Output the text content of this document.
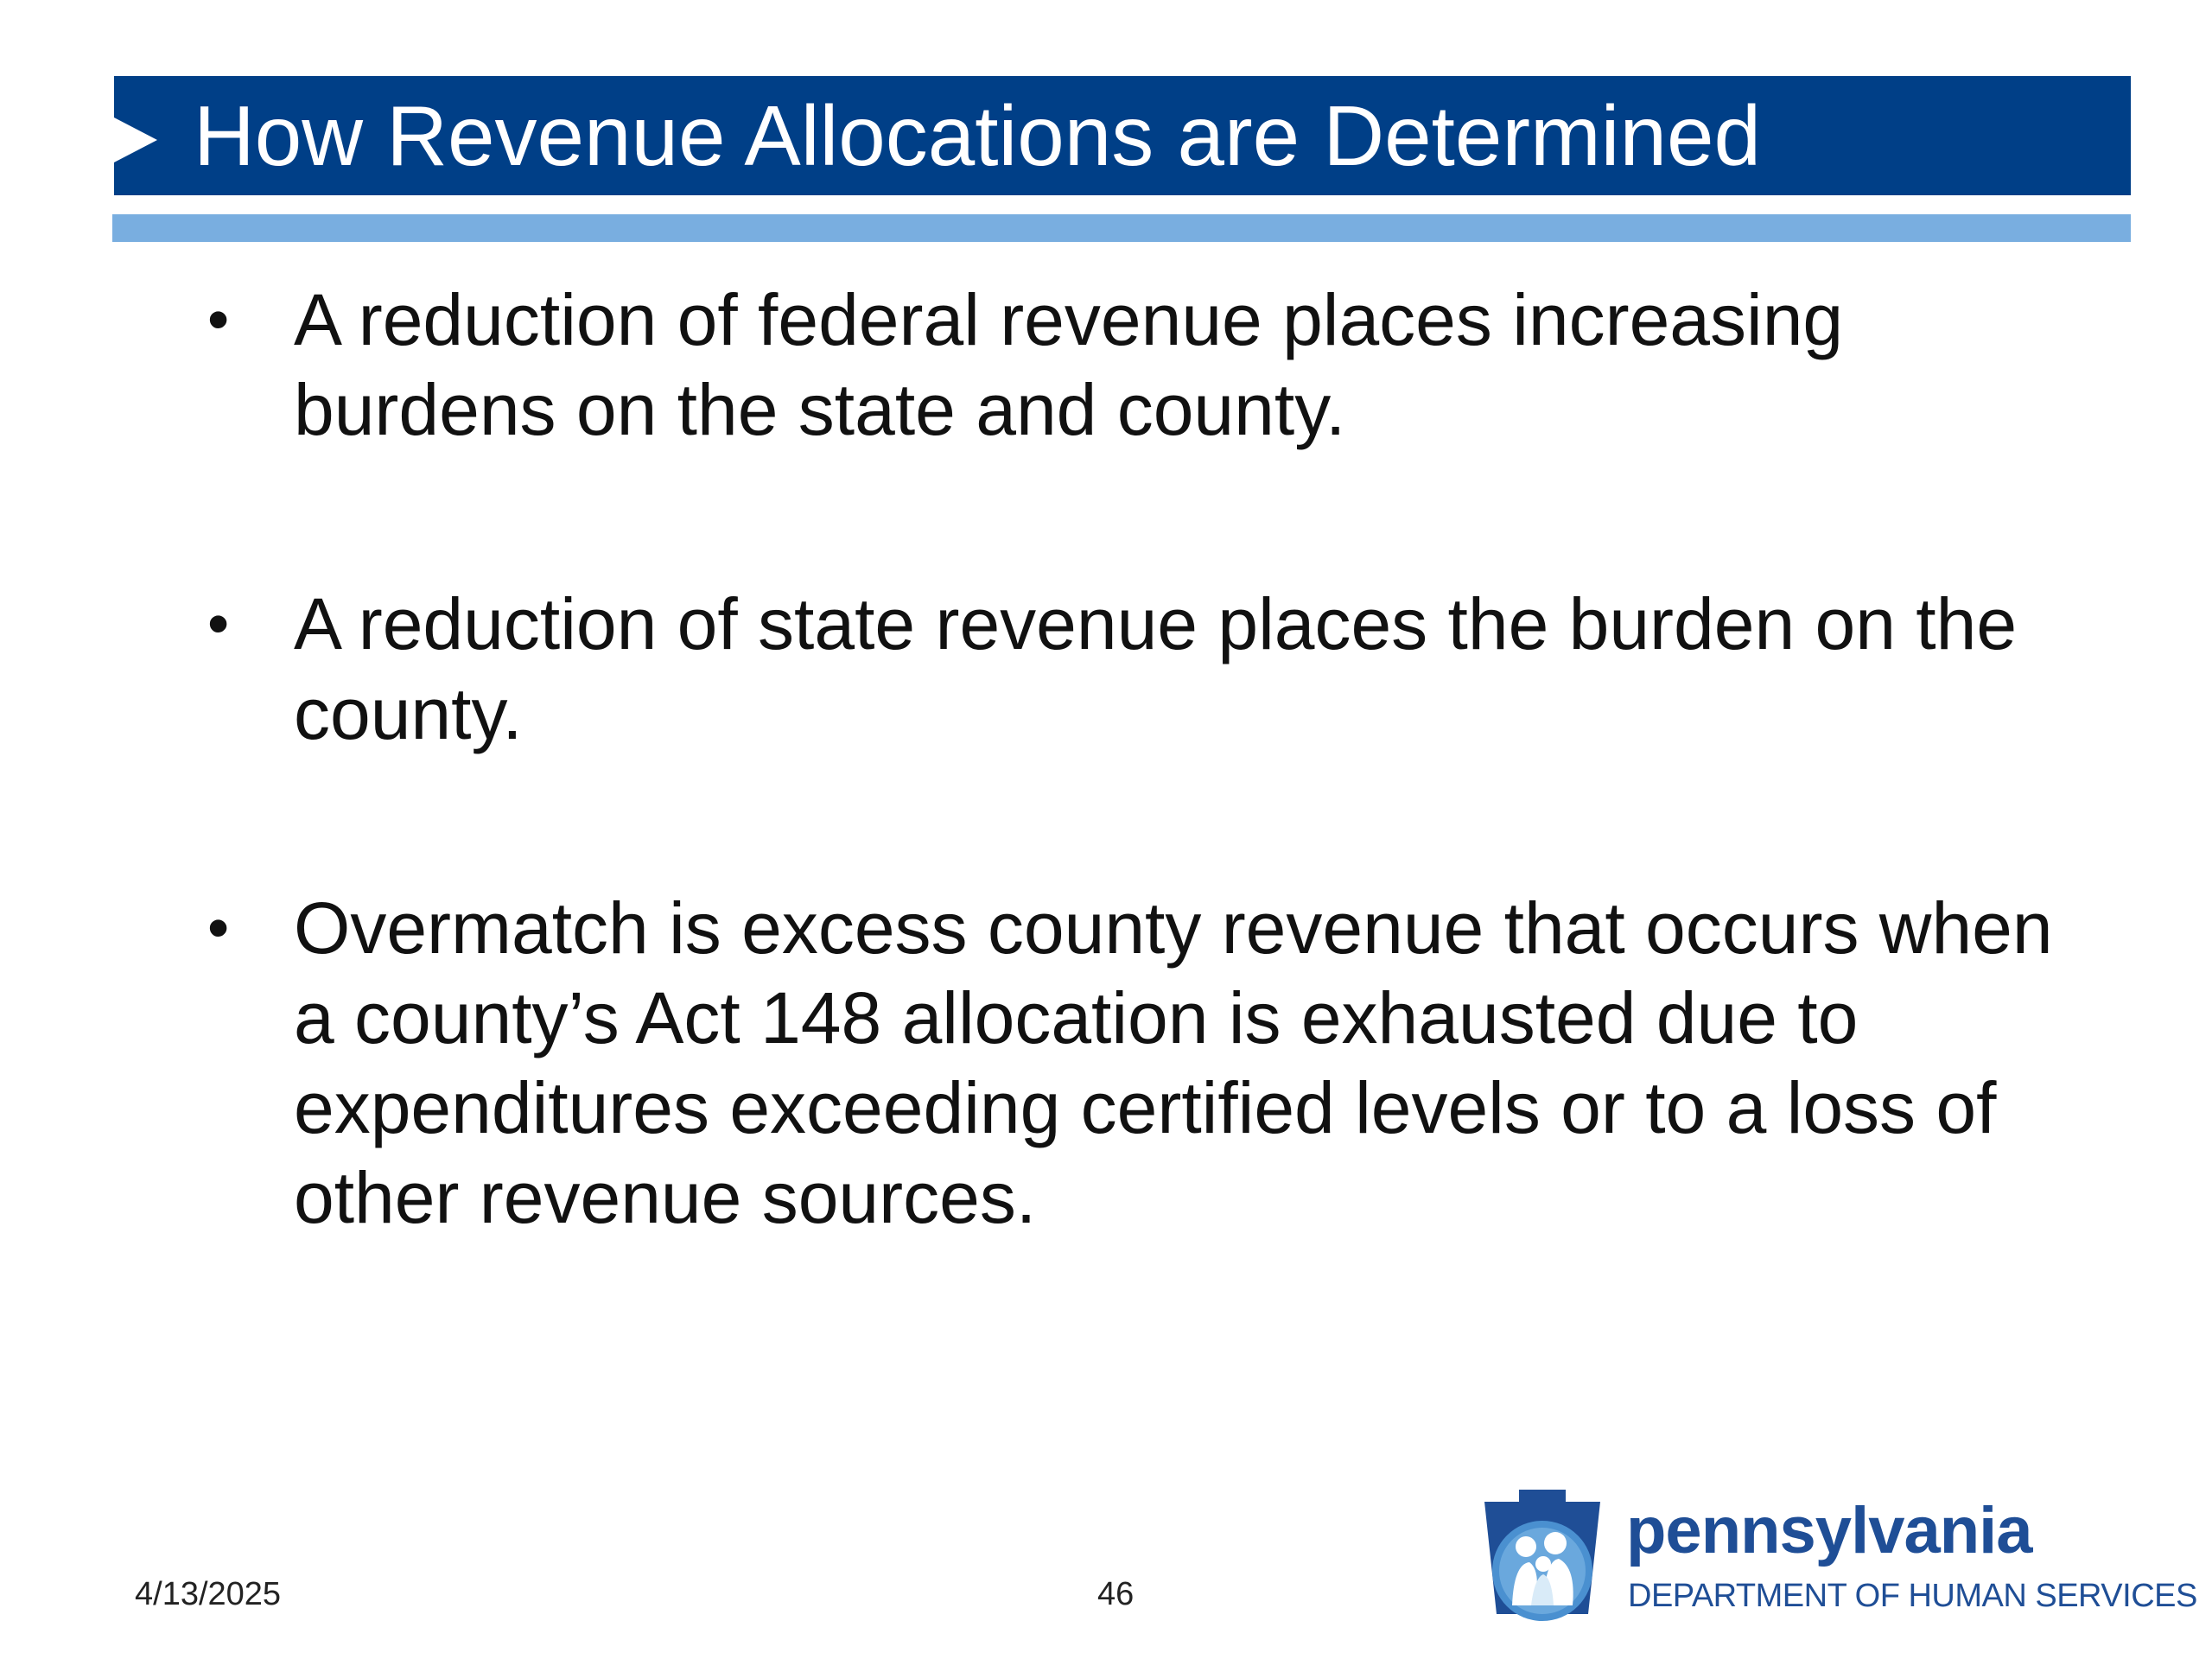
How Revenue Allocations are Determined
• A reduction of federal revenue places increasing burdens on the state and county.
• A reduction of state revenue places the burden on the county.
• Overmatch is excess county revenue that occurs when a county’s Act 148 allocation is exhausted due to expenditures exceeding certified levels or to a loss of other revenue sources.
4/13/2025	46
pennsylvania
DEPARTMENT OF HUMAN SERVICES
